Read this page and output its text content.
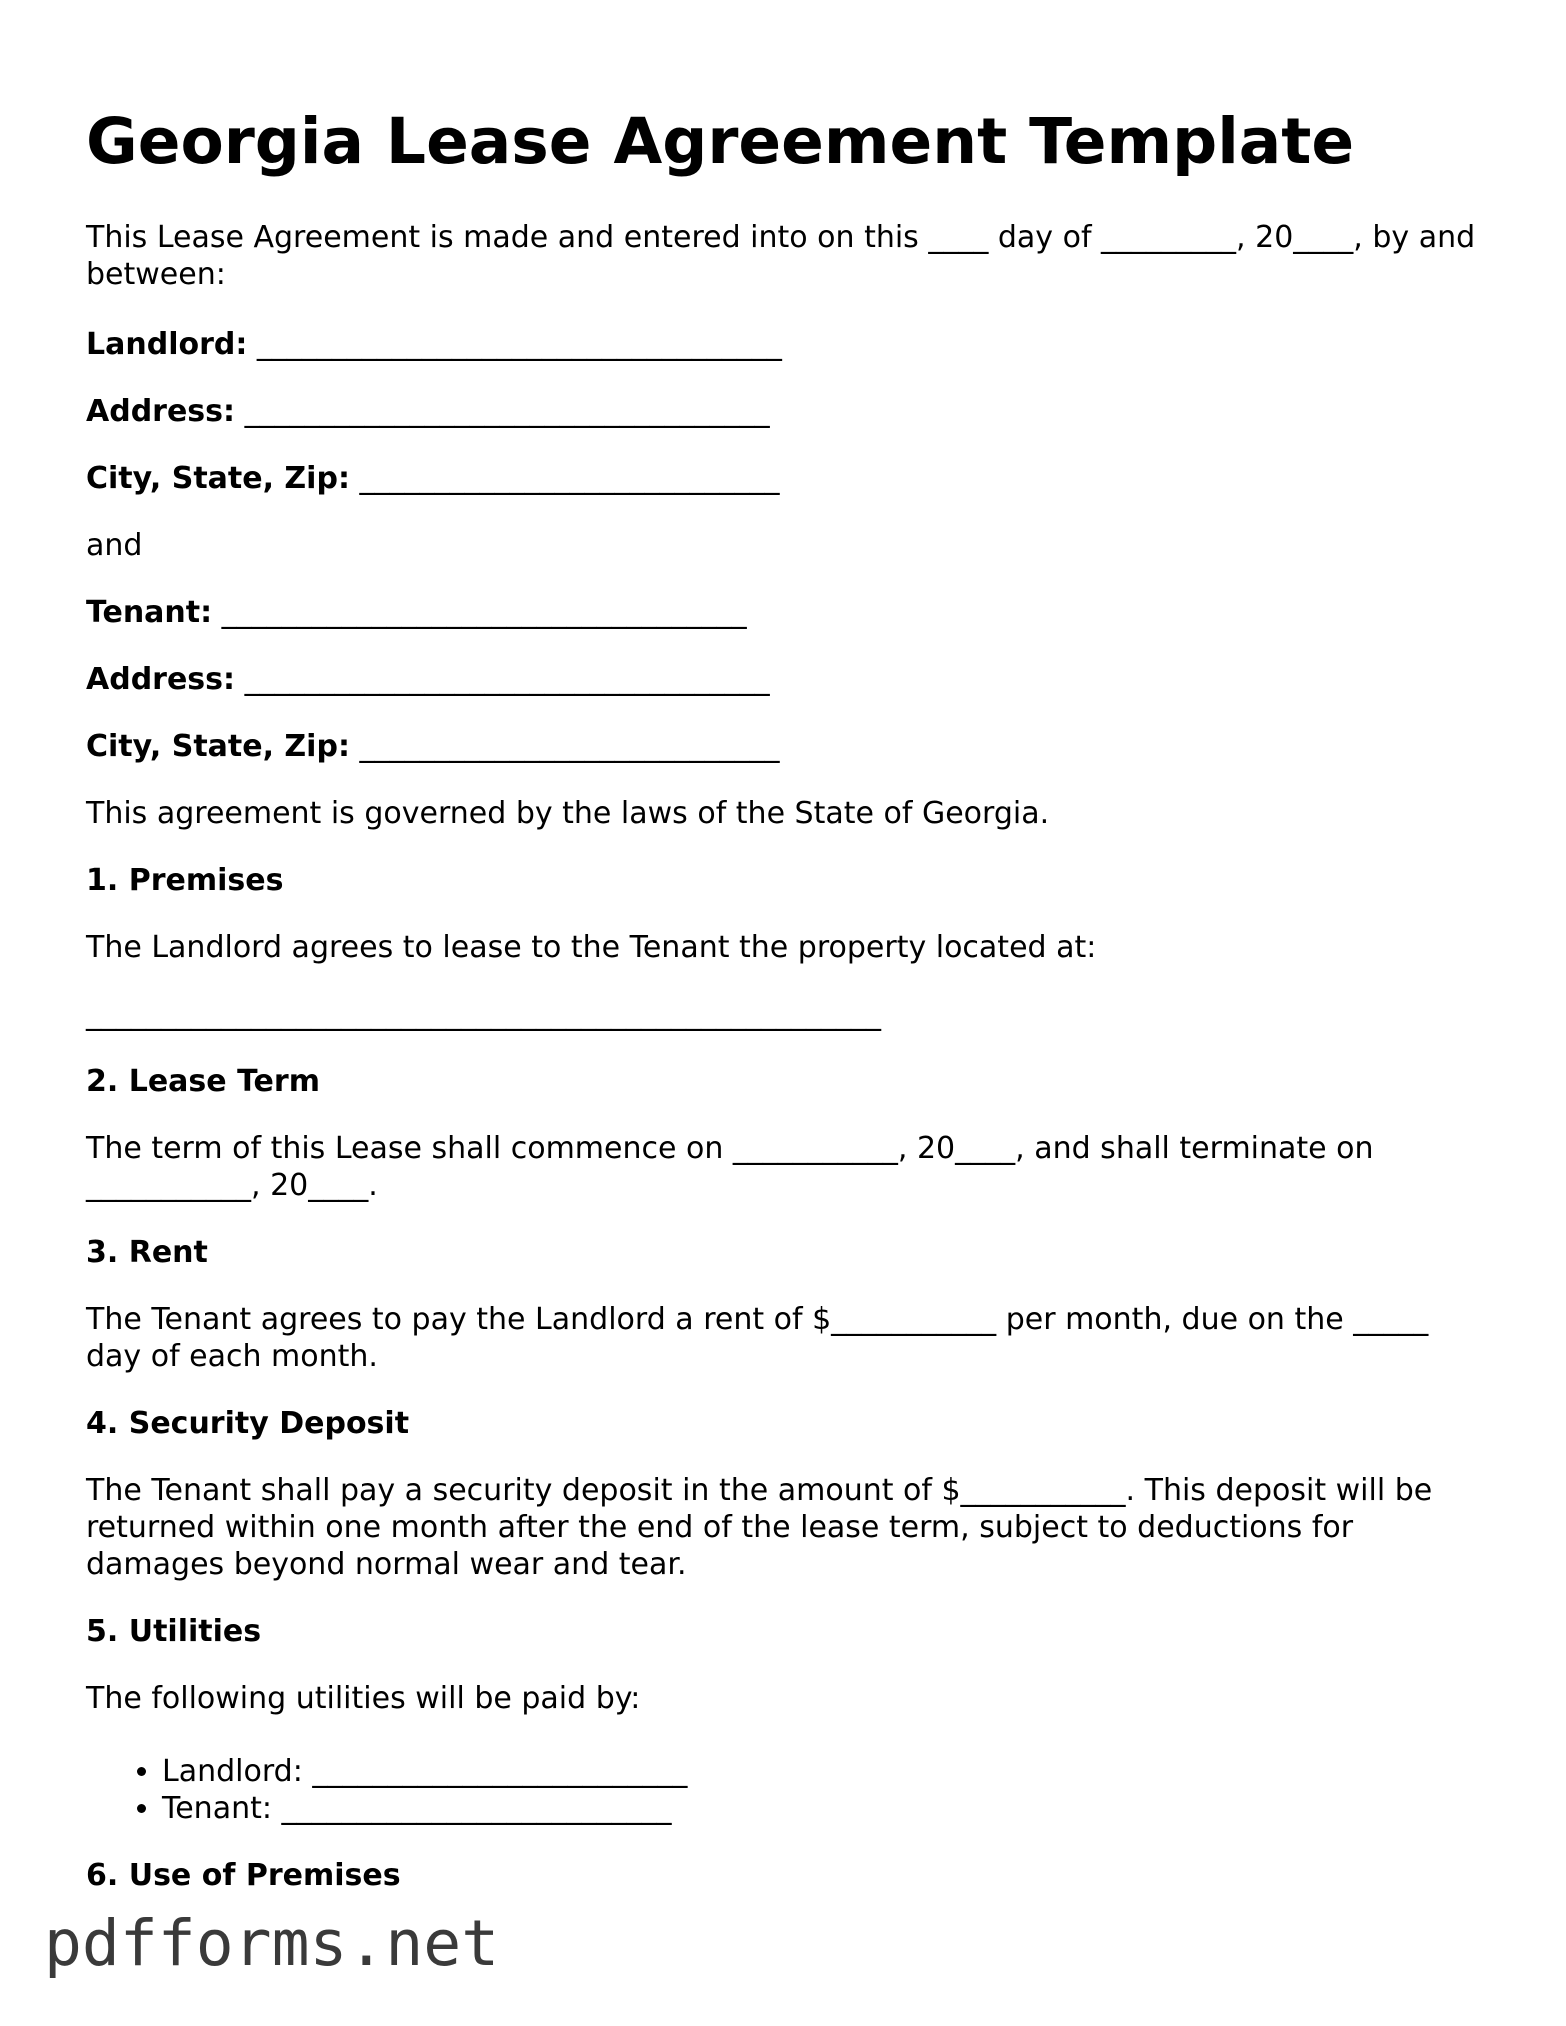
Georgia Lease Agreement Template

This Lease Agreement is made and entered into on this ____ day of _________, 20____, by and between:

Landlord: ___________________________________

Address: ___________________________________

City, State, Zip: ____________________________

and

Tenant: ___________________________________

Address: ___________________________________

City, State, Zip: ____________________________

This agreement is governed by the laws of the State of Georgia.

1. Premises

The Landlord agrees to lease to the Tenant the property located at:

_____________________________________________________

2. Lease Term

The term of this Lease shall commence on ___________, 20____, and shall terminate on ___________, 20____.

3. Rent

The Tenant agrees to pay the Landlord a rent of $___________ per month, due on the _____ day of each month.

4. Security Deposit

The Tenant shall pay a security deposit in the amount of $___________. This deposit will be returned within one month after the end of the lease term, subject to deductions for damages beyond normal wear and tear.

5. Utilities

The following utilities will be paid by:

• Landlord: _________________________
• Tenant: __________________________

6. Use of Premises

pdfforms.net
